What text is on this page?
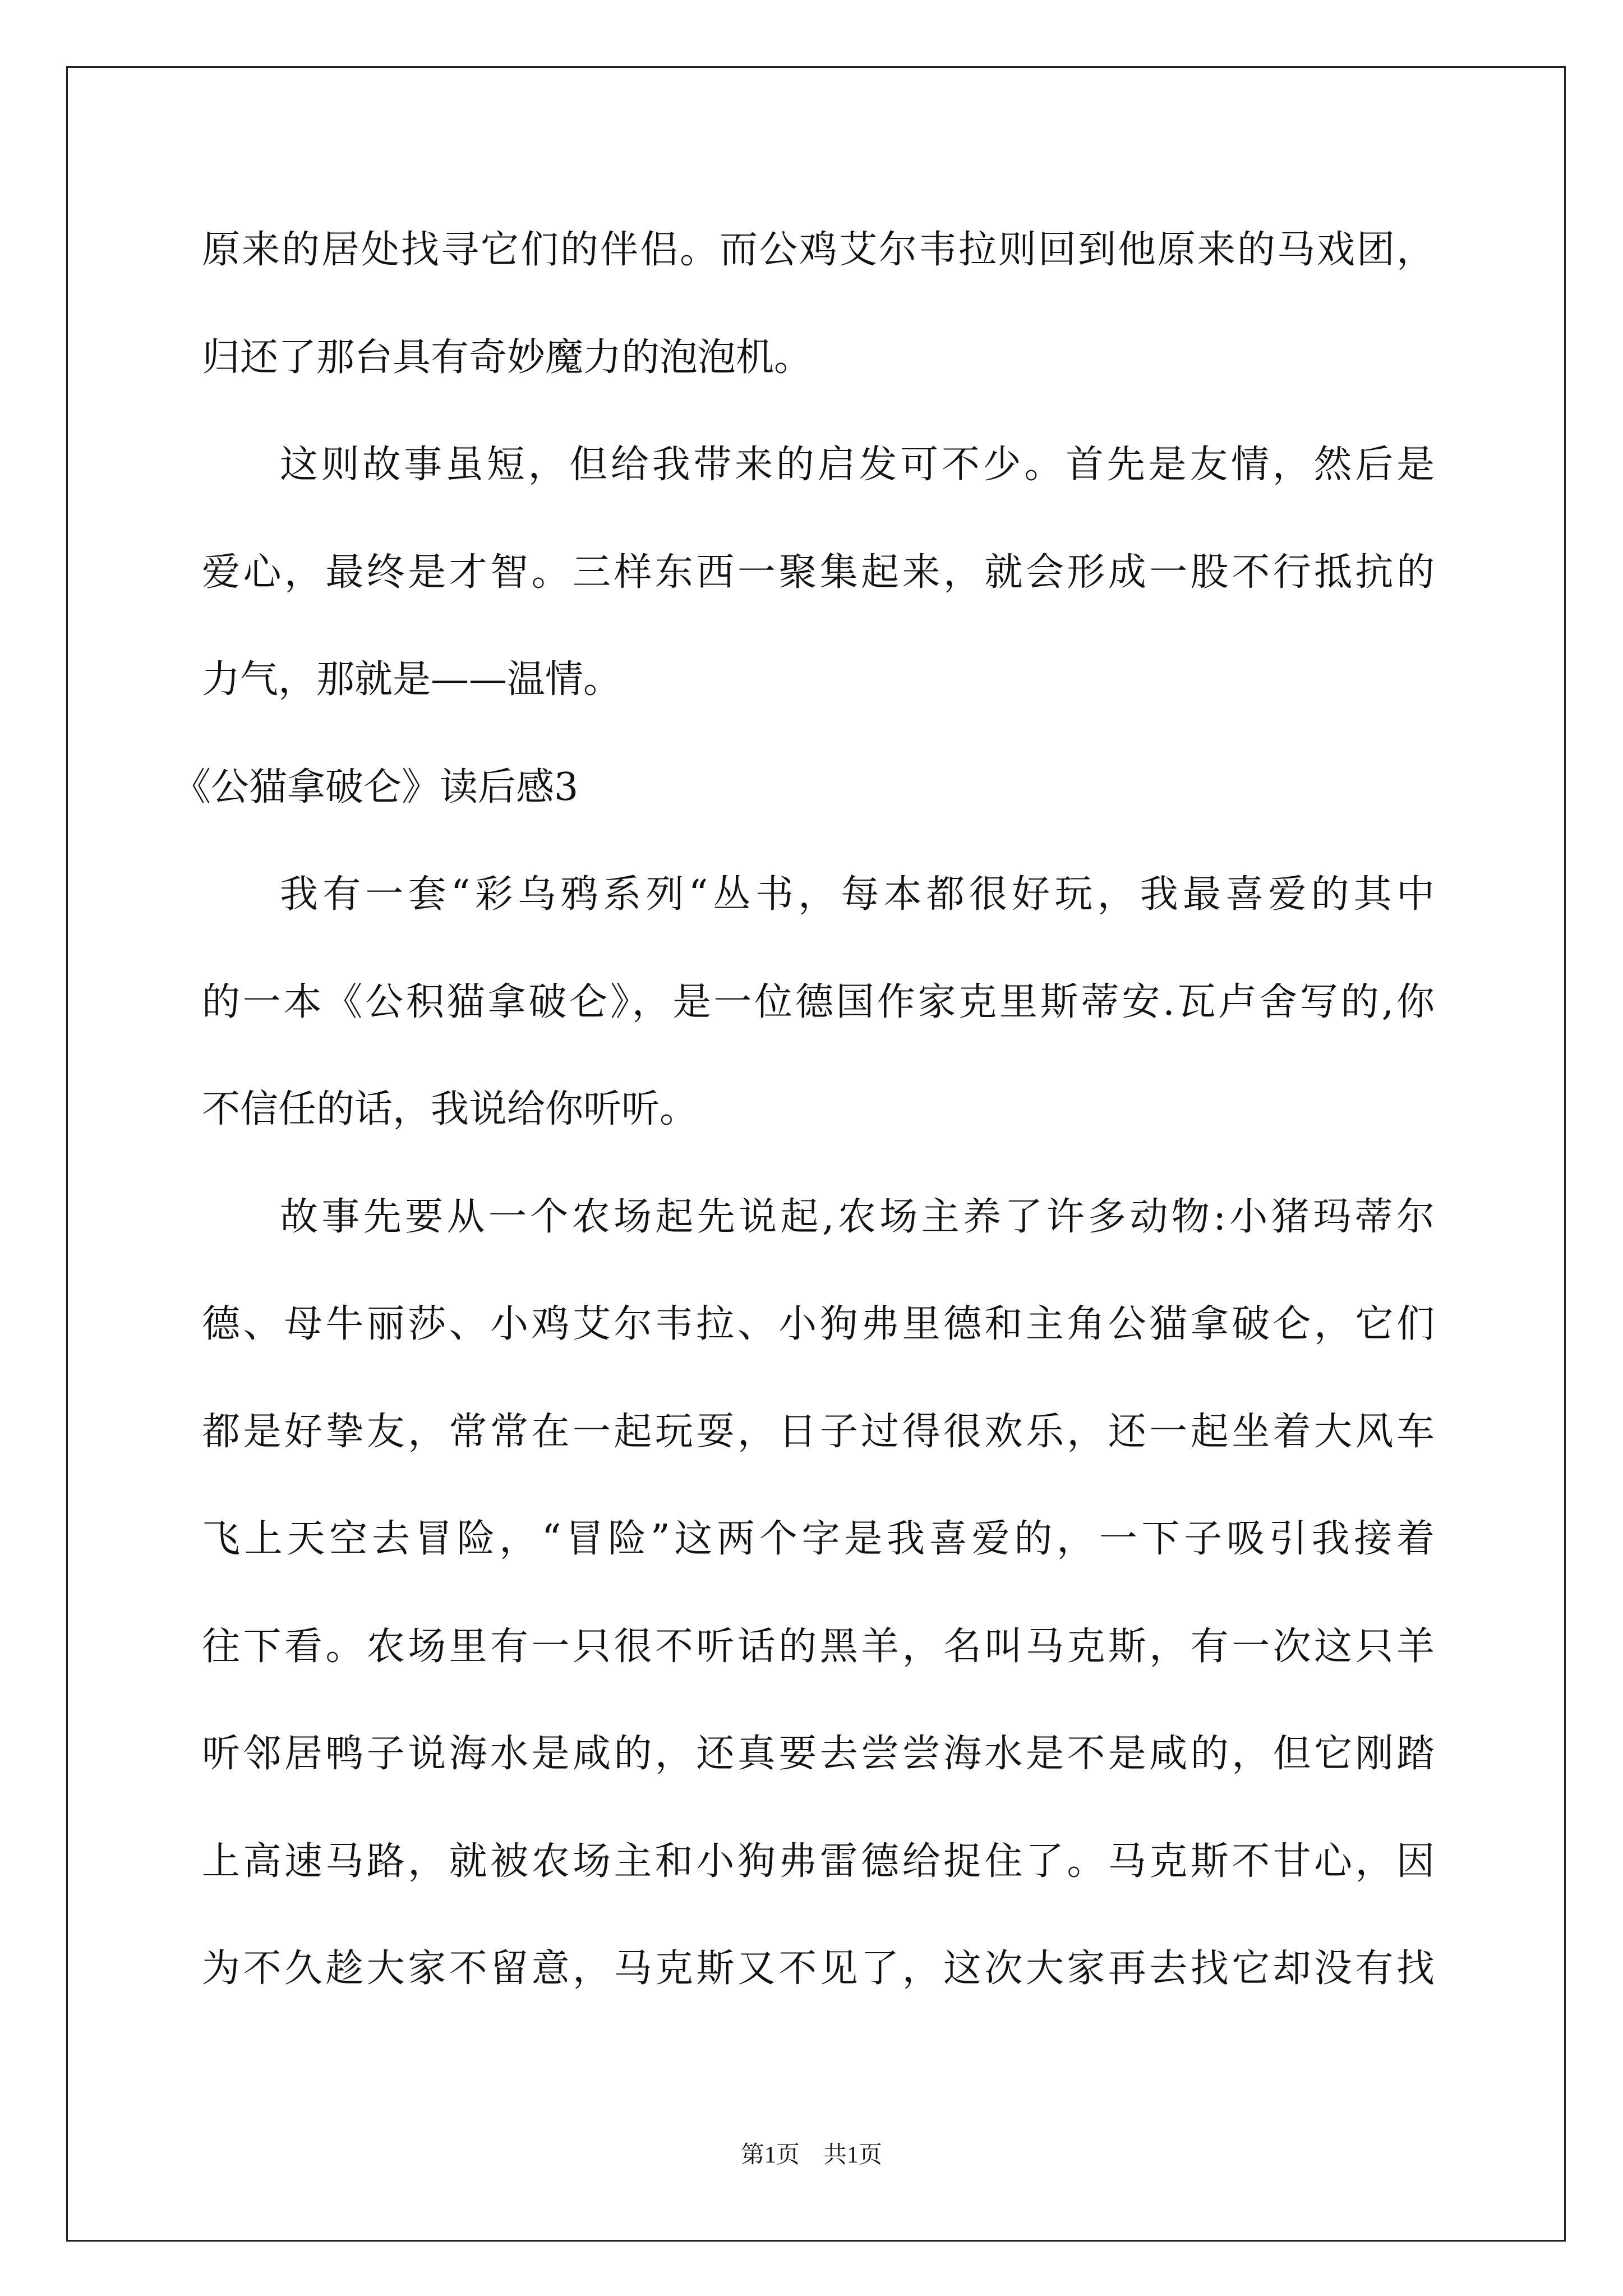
原来的居处找寻它们的伴侣。而公鸡艾尔韦拉则回到他原来的马戏团，
归还了那台具有奇妙魔力的泡泡机。
这则故事虽短，但给我带来的启发可不少。首先是友情，然后是
爱心，最终是才智。三样东西一聚集起来，就会形成一股不行抵抗的
力气，那就是——温情。
《公猫拿破仑》读后感3
我有一套“彩乌鸦系列“丛书，每本都很好玩，我最喜爱的其中
的一本《公积猫拿破仑》，是一位德国作家克里斯蒂安.瓦卢舍写的,你
不信任的话，我说给你听听。
故事先要从一个农场起先说起,农场主养了许多动物:小猪玛蒂尔
德、母牛丽莎、小鸡艾尔韦拉、小狗弗里德和主角公猫拿破仑，它们
都是好挚友，常常在一起玩耍，日子过得很欢乐，还一起坐着大风车
飞上天空去冒险，“冒险”这两个字是我喜爱的，一下子吸引我接着
往下看。农场里有一只很不听话的黑羊，名叫马克斯，有一次这只羊
听邻居鸭子说海水是咸的，还真要去尝尝海水是不是咸的，但它刚踏
上高速马路，就被农场主和小狗弗雷德给捉住了。马克斯不甘心，因
为不久趁大家不留意，马克斯又不见了，这次大家再去找它却没有找
第1页　共1页
